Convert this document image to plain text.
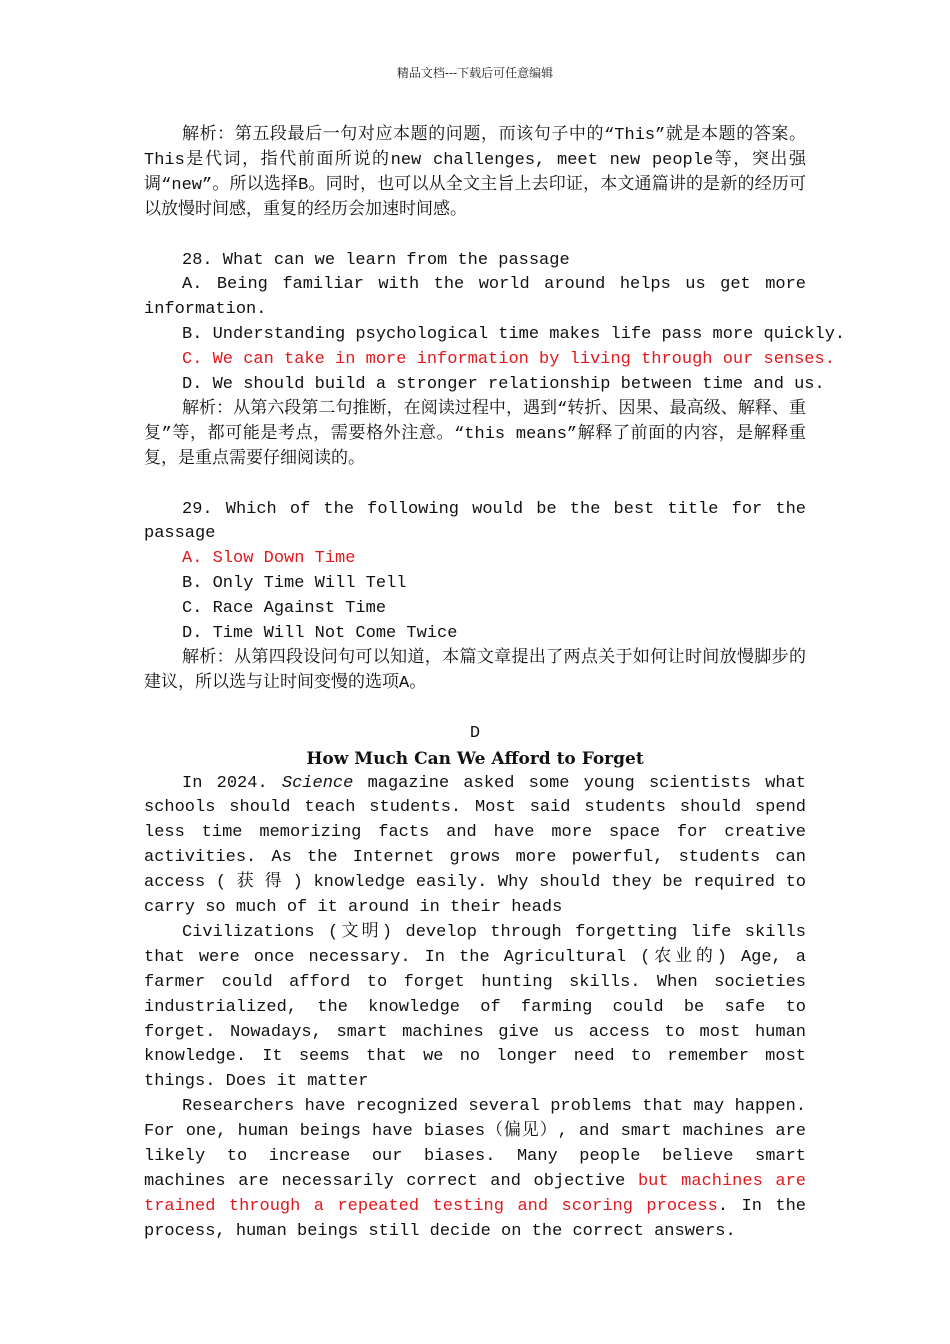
精品文档---下载后可任意编辑

解析：第五段最后一句对应本题的问题，而该句子中的“This”就是本题的答案。This是代词，指代前面所说的new challenges, meet new people等，突出强调“new”。所以选择B。同时，也可以从全文主旨上去印证，本文通篇讲的是新的经历可以放慢时间感，重复的经历会加速时间感。

28. What can we learn from the passage

A. Being familiar with the world around helps us get more information.

B. Understanding psychological time makes life pass more quickly.

C. We can take in more information by living through our senses.

D. We should build a stronger relationship between time and us.

解析：从第六段第二句推断，在阅读过程中，遇到“转折、因果、最高级、解释、重复”等，都可能是考点，需要格外注意。“this means”解释了前面的内容，是解释重复，是重点需要仔细阅读的。

29. Which of the following would be the best title for the passage

A. Slow Down Time

B. Only Time Will Tell

C. Race Against Time

D. Time Will Not Come Twice

解析：从第四段设问句可以知道，本篇文章提出了两点关于如何让时间放慢脚步的建议，所以选与让时间变慢的选项A。

D

How Much Can We Afford to Forget

In 2024. Science magazine asked some young scientists what schools should teach students. Most said students should spend less time memorizing facts and have more space for creative activities. As the Internet grows more powerful, students can access ( 获 得 ) knowledge easily. Why should they be required to carry so much of it around in their heads

Civilizations (文明) develop through forgetting life skills that were once necessary. In the Agricultural (农业的) Age, a farmer could afford to forget hunting skills. When societies industrialized, the knowledge of farming could be safe to forget. Nowadays, smart machines give us access to most human knowledge. It seems that we no longer need to remember most things. Does it matter

Researchers have recognized several problems that may happen. For one, human beings have biases（偏见）, and smart machines are likely to increase our biases. Many people believe smart machines are necessarily correct and objective but machines are trained through a repeated testing and scoring process. In the process, human beings still decide on the correct answers.
